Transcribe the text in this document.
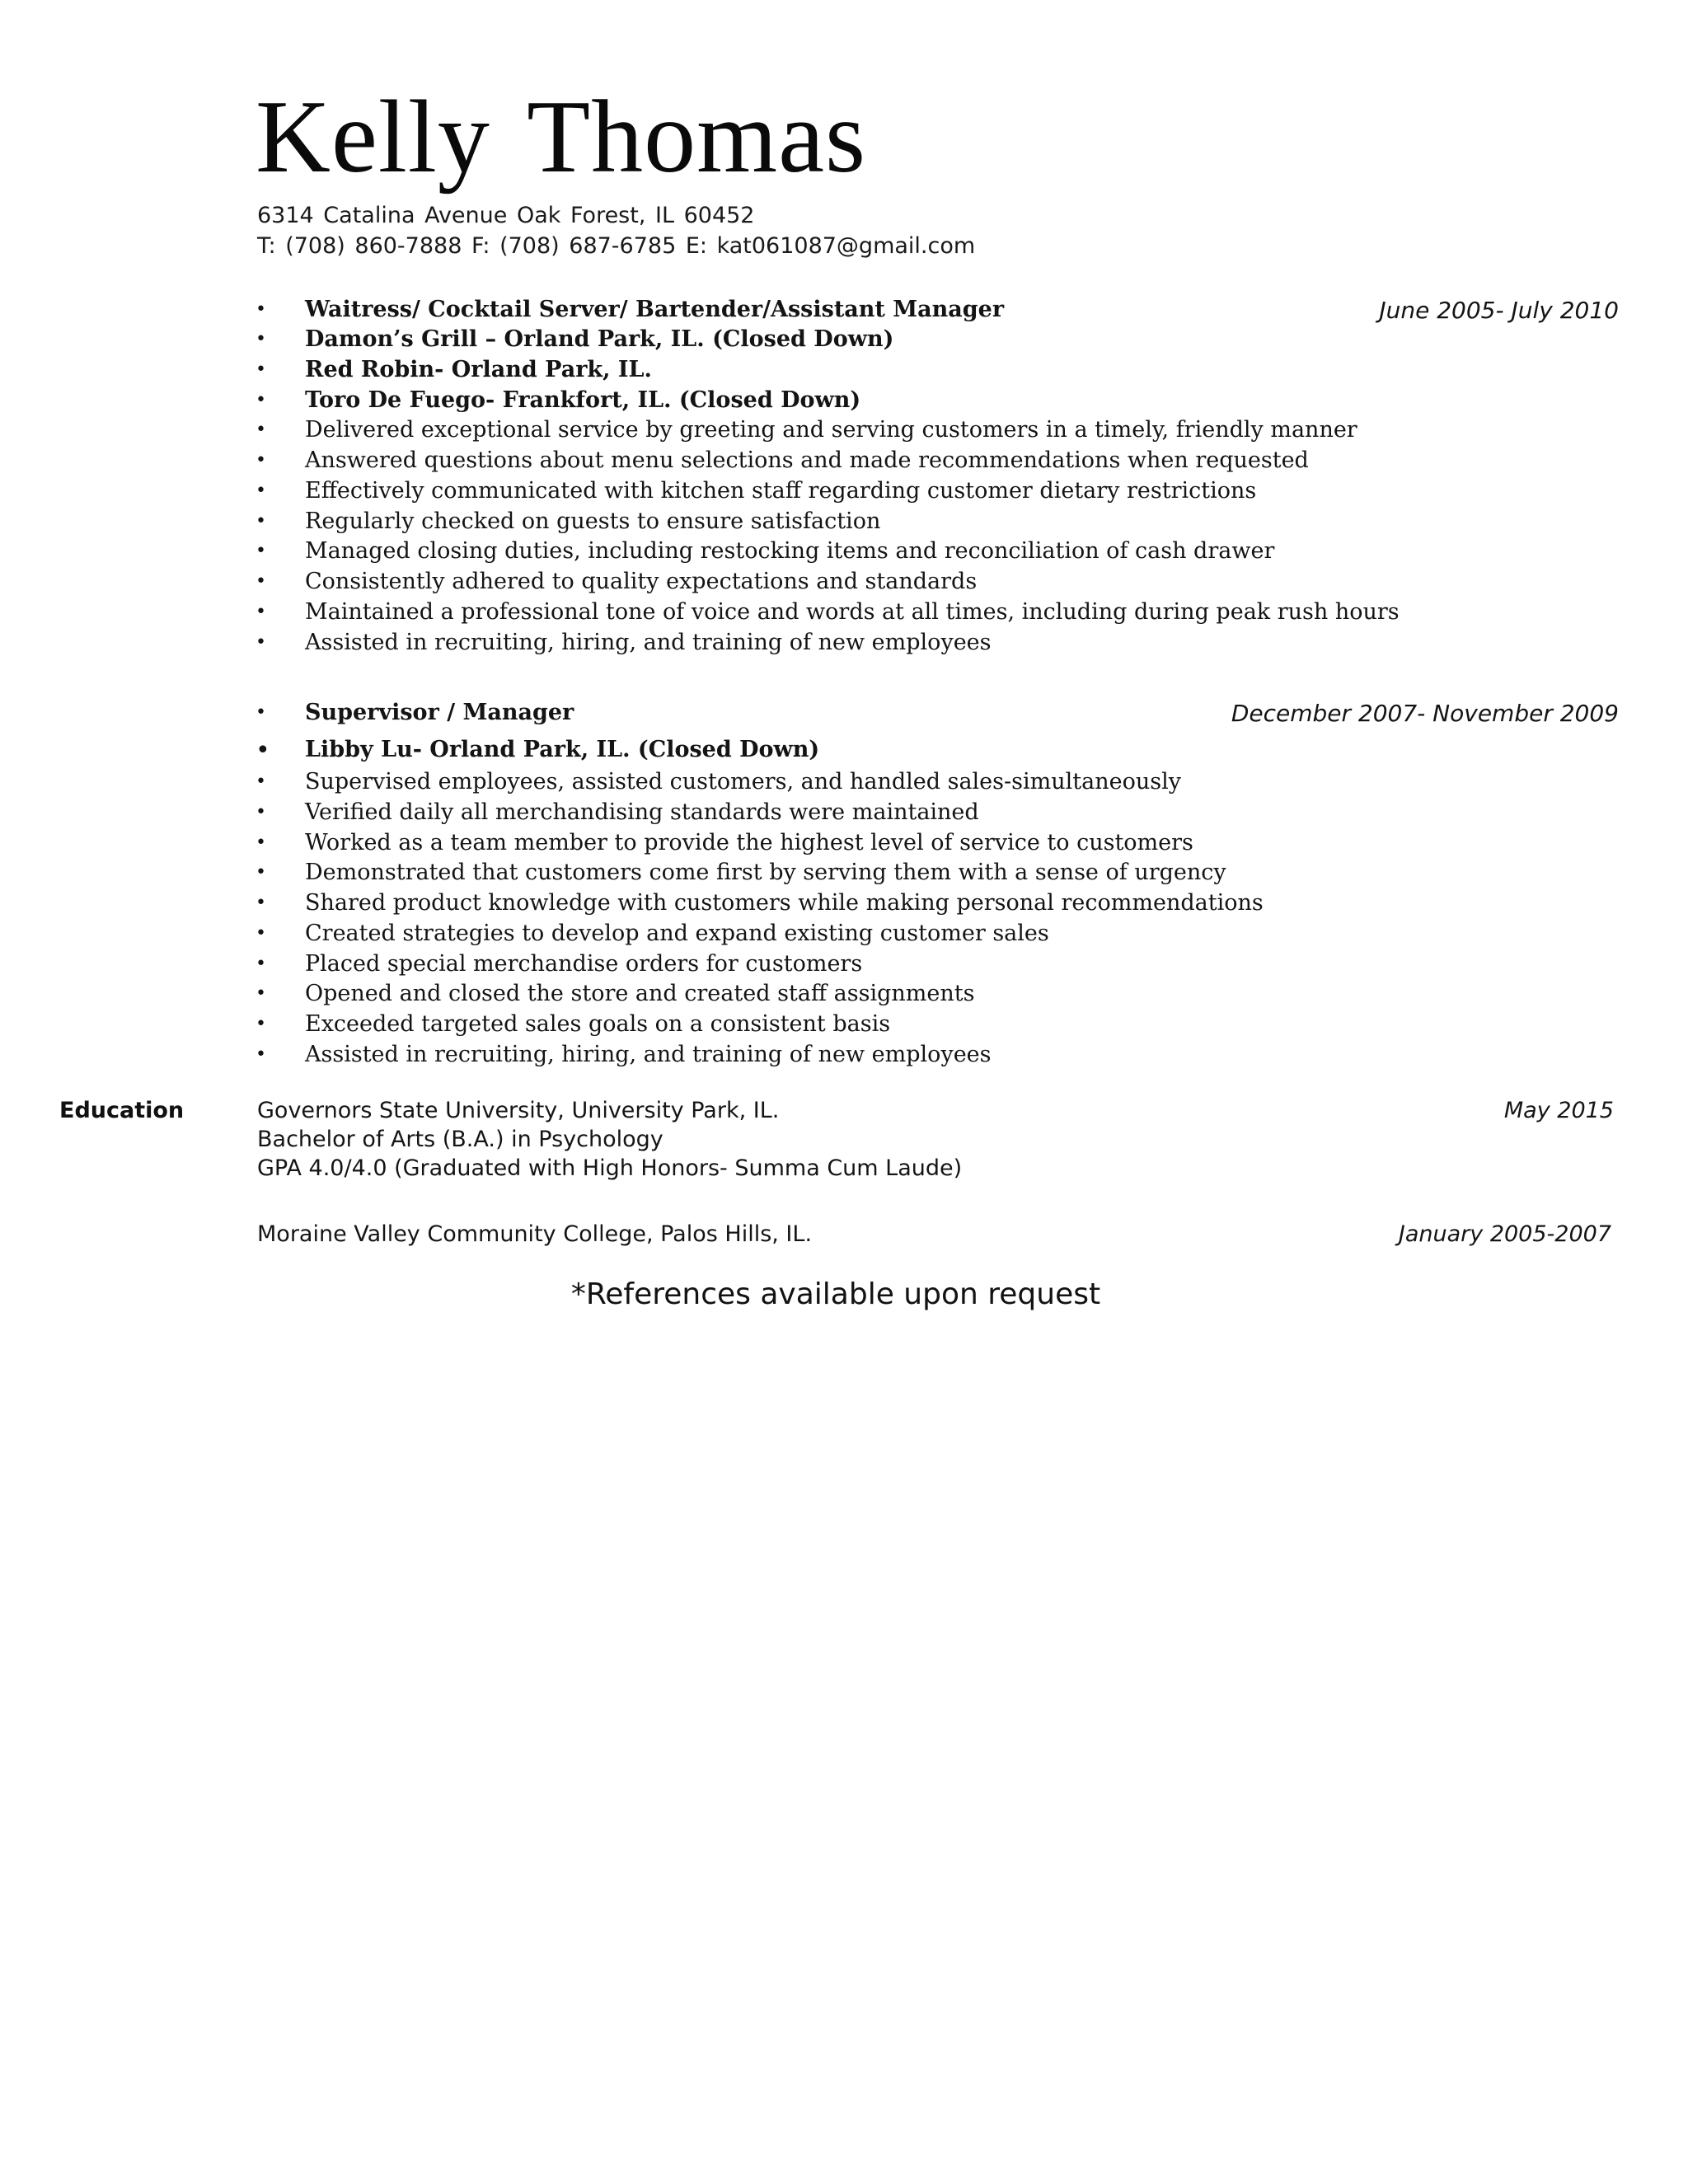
Kelly Thomas
6314 Catalina Avenue Oak Forest, IL 60452
T: (708) 860-7888 F: (708) 687-6785 E: kat061087@gmail.com
• Waitress/ Cocktail Server/ Bartender/Assistant Manager	June 2005- July 2010
• Damon’s Grill – Orland Park, IL. (Closed Down)
• Red Robin- Orland Park, IL.
• Toro De Fuego- Frankfort, IL. (Closed Down)
• Delivered exceptional service by greeting and serving customers in a timely, friendly manner
• Answered questions about menu selections and made recommendations when requested
• Effectively communicated with kitchen staff regarding customer dietary restrictions
• Regularly checked on guests to ensure satisfaction
• Managed closing duties, including restocking items and reconciliation of cash drawer
• Consistently adhered to quality expectations and standards
• Maintained a professional tone of voice and words at all times, including during peak rush hours
• Assisted in recruiting, hiring, and training of new employees
• Supervisor / Manager	December 2007- November 2009
• Libby Lu- Orland Park, IL. (Closed Down)
• Supervised employees, assisted customers, and handled sales-simultaneously
• Verified daily all merchandising standards were maintained
• Worked as a team member to provide the highest level of service to customers
• Demonstrated that customers come first by serving them with a sense of urgency
• Shared product knowledge with customers while making personal recommendations
• Created strategies to develop and expand existing customer sales
• Placed special merchandise orders for customers
• Opened and closed the store and created staff assignments
• Exceeded targeted sales goals on a consistent basis
• Assisted in recruiting, hiring, and training of new employees
Education	Governors State University, University Park, IL.	May 2015
Bachelor of Arts (B.A.) in Psychology
GPA 4.0/4.0 (Graduated with High Honors- Summa Cum Laude)
Moraine Valley Community College, Palos Hills, IL.	January 2005-2007
*References available upon request
